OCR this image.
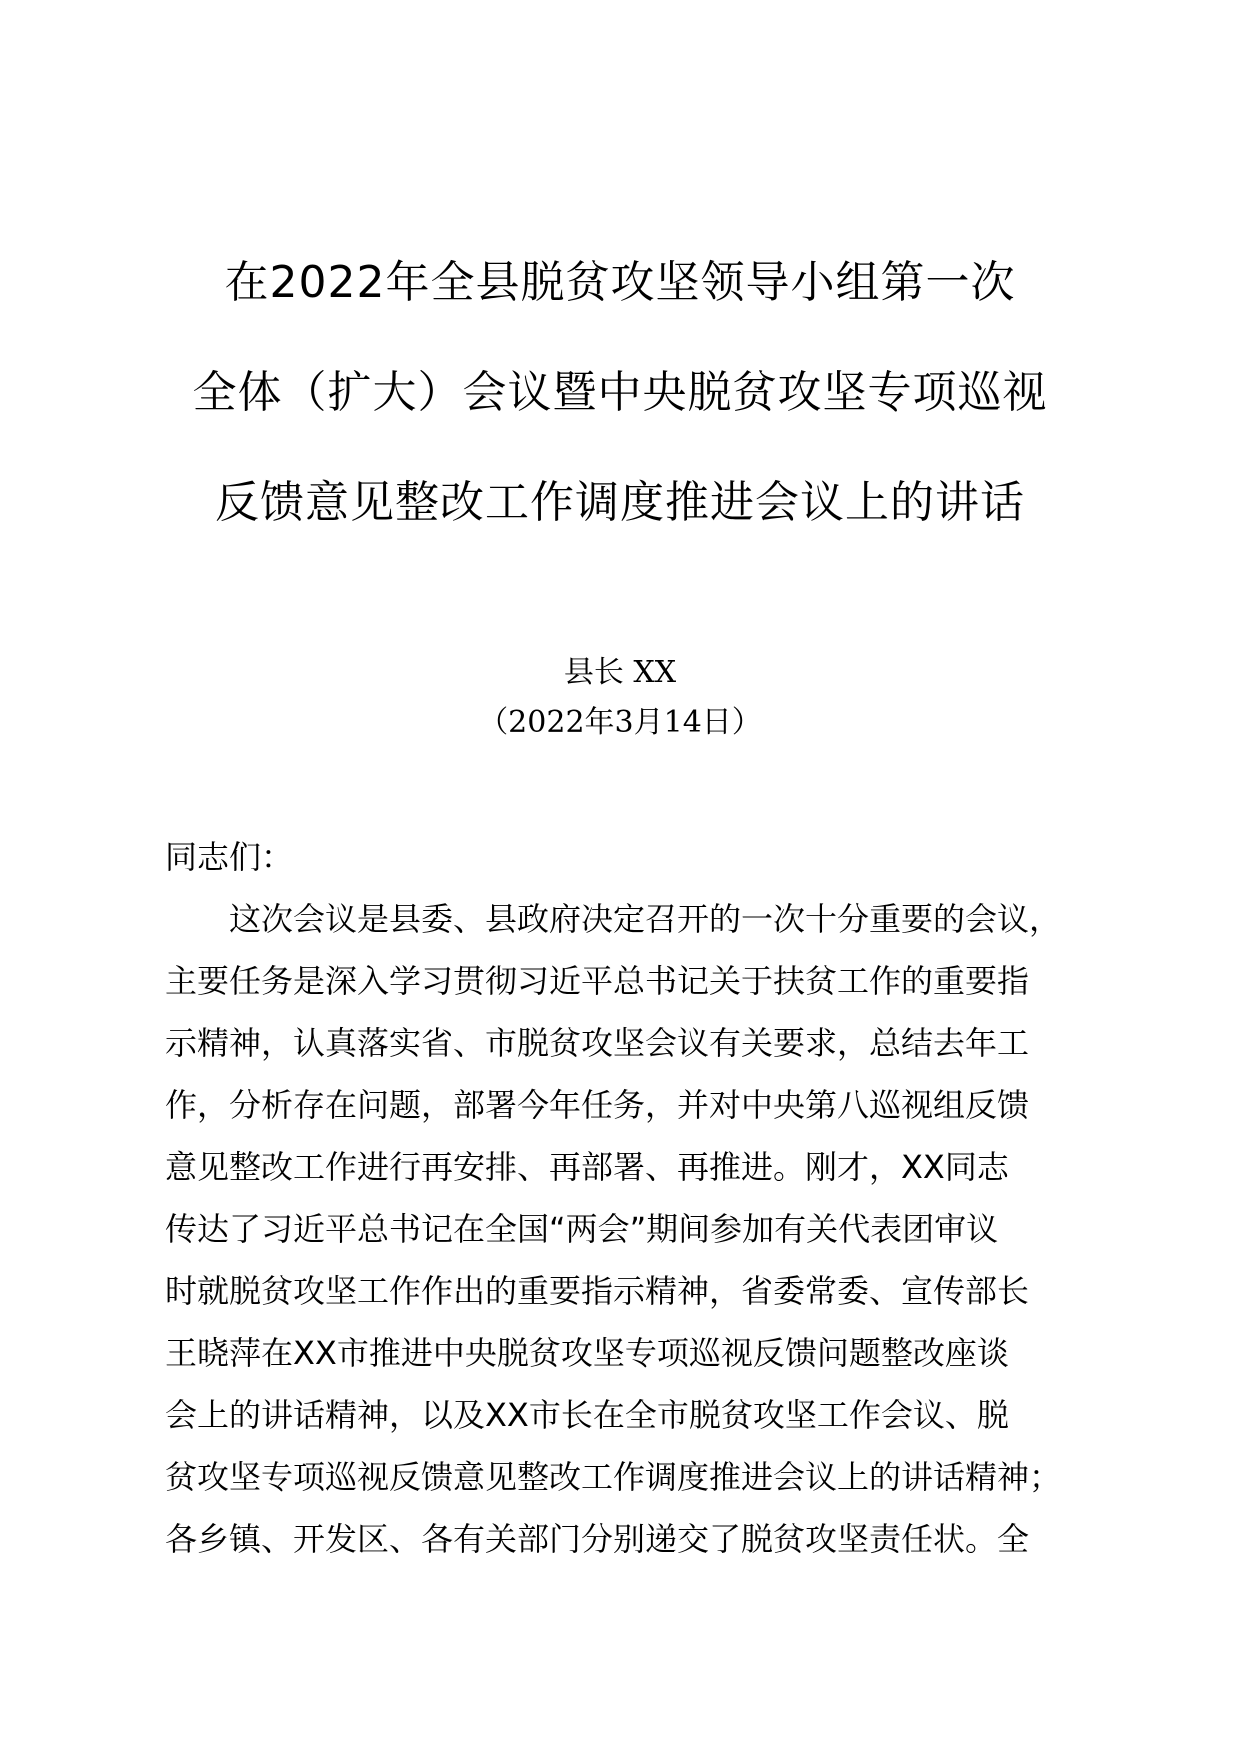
在2022年全县脱贫攻坚领导小组第一次
全体（扩大）会议暨中央脱贫攻坚专项巡视
反馈意见整改工作调度推进会议上的讲话
县长 XX
（2022年3月14日）
同志们：
这次会议是县委、县政府决定召开的一次十分重要的会议，
主要任务是深入学习贯彻习近平总书记关于扶贫工作的重要指
示精神，认真落实省、市脱贫攻坚会议有关要求，总结去年工
作，分析存在问题，部署今年任务，并对中央第八巡视组反馈
意见整改工作进行再安排、再部署、再推进。刚才，XX同志
传达了习近平总书记在全国“两会”期间参加有关代表团审议
时就脱贫攻坚工作作出的重要指示精神，省委常委、宣传部长
王晓萍在XX市推进中央脱贫攻坚专项巡视反馈问题整改座谈
会上的讲话精神，以及XX市长在全市脱贫攻坚工作会议、脱
贫攻坚专项巡视反馈意见整改工作调度推进会议上的讲话精神；
各乡镇、开发区、各有关部门分别递交了脱贫攻坚责任状。全
